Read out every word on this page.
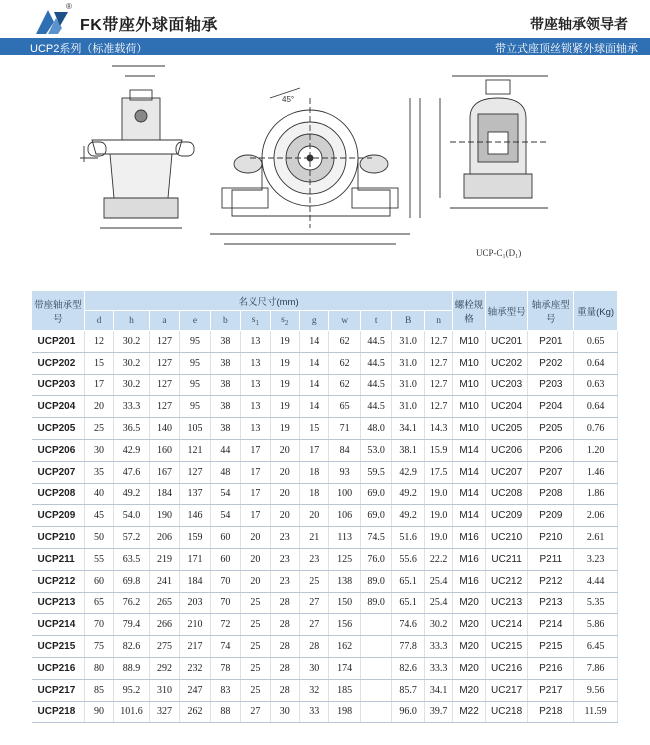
®
FK带座外球面轴承	带座轴承领导者
UCP2系列（标准载荷）	带立式座顶丝锁紧外球面轴承
45°
UCP-C₁(D₁)
带座轴承型号	名义尺寸(mm)												螺栓规格	轴承型号	轴承座型号	重量(Kg)
	d	h	a	e	b	$s_1$	$s_2$	g	w	t	B	n				
UCP201	12	30.2	127	95	38	13	19	14	62	44.5	31.0	12.7	M10	UC201	P201	0.65
UCP202	15	30.2	127	95	38	13	19	14	62	44.5	31.0	12.7	M10	UC202	P202	0.64
UCP203	17	30.2	127	95	38	13	19	14	62	44.5	31.0	12.7	M10	UC203	P203	0.63
UCP204	20	33.3	127	95	38	13	19	14	65	44.5	31.0	12.7	M10	UC204	P204	0.64
UCP205	25	36.5	140	105	38	13	19	15	71	48.0	34.1	14.3	M10	UC205	P205	0.76
UCP206	30	42.9	160	121	44	17	20	17	84	53.0	38.1	15.9	M14	UC206	P206	1.20
UCP207	35	47.6	167	127	48	17	20	18	93	59.5	42.9	17.5	M14	UC207	P207	1.46
UCP208	40	49.2	184	137	54	17	20	18	100	69.0	49.2	19.0	M14	UC208	P208	1.86
UCP209	45	54.0	190	146	54	17	20	20	106	69.0	49.2	19.0	M14	UC209	P209	2.06
UCP210	50	57.2	206	159	60	20	23	21	113	74.5	51.6	19.0	M16	UC210	P210	2.61
UCP211	55	63.5	219	171	60	20	23	23	125	76.0	55.6	22.2	M16	UC211	P211	3.23
UCP212	60	69.8	241	184	70	20	23	25	138	89.0	65.1	25.4	M16	UC212	P212	4.44
UCP213	65	76.2	265	203	70	25	28	27	150	89.0	65.1	25.4	M20	UC213	P213	5.35
UCP214	70	79.4	266	210	72	25	28	27	156		74.6	30.2	M20	UC214	P214	5.86
UCP215	75	82.6	275	217	74	25	28	28	162		77.8	33.3	M20	UC215	P215	6.45
UCP216	80	88.9	292	232	78	25	28	30	174		82.6	33.3	M20	UC216	P216	7.86
UCP217	85	95.2	310	247	83	25	28	32	185		85.7	34.1	M20	UC217	P217	9.56
UCP218	90	101.6	327	262	88	27	30	33	198		96.0	39.7	M22	UC218	P218	11.59
